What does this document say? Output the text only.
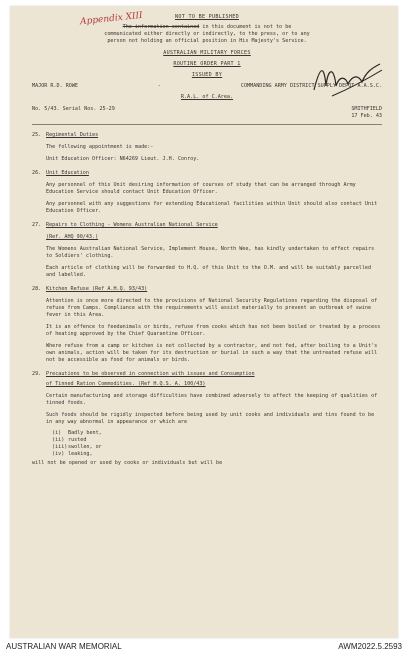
Appendix XIII	NOT TO BE PUBLISHED
The information contained in this document is not to be
communicated either directly or indirectly, to the press, or to any
person not holding an official position in His Majesty's Service.
AUSTRALIAN MILITARY FORCES
ROUTINE ORDER PART 1
ISSUED BY
MAJOR R.D. ROWE	-	COMMANDING ARMY DISTRICT SUPPLY DEPOT A.A.S.C.
R.A.L. of C.Area.
No. 5/43. Serial Nos. 25-29	SMITHFIELD
17 Feb. 43
25. Regimental Duties

The following appointment is made:-

Unit Education Officer: N64269 Lieut. J.H. Conroy.

26. Unit Education

Any personnel of this Unit desiring information of courses of study that can be arranged through Army Education Service should contact Unit Education Officer.

Any personnel with any suggestions for extending Educational facilities within Unit should also contact Unit Education Officer.

27. Repairs to Clothing - Womens Australian National Service

(Ref. AHQ 90/43.)

The Womens Australian National Service, Implement House, North Wee, has kindly undertaken to effect repairs to Soldiers' clothing.

Each article of clothing will be forwarded to H.Q. of this Unit to the O.M. and will be suitably parcelled and labelled.

28. Kitchen Refuse (Ref A.H.Q. 93/43)

Attention is once more directed to the provisions of National Security Regulations regarding the disposal of refuse from Camps. Compliance with the requirements will assist materially to prevent an outbreak of swine fever in this Area.

It is an offence to feedanimals or birds, refuse from cooks which has not been boiled or treated by a process of heating approved by the Chief Quarantine Officer.

Where refuse from a camp or kitchen is not collected by a contractor, and not fed, after boiling to a Unit's own animals, action will be taken for its destruction or burial in such a way that the untreated refuse will not be accessible as food for animals or birds.

29. Precautions to be observed in connection with issues and Consumption

of Tinned Ration Commodities. (Ref H.Q.S. A. 100/43)

Certain manufacturing and storage difficulties have combined adversely to affect the keeping of qualities of tinned foods.

Such foods should be rigidly inspected before being used by unit cooks and individuals and tins found to be in any way abnormal in appearance or which are

(i)	Badly bent,
(ii) rusted
(iii) swollen, or
(iv) leaking,
will not be opened or used by cooks or individuals but will be
AUSTRALIAN WAR MEMORIAL	AWM2022.5.2593
